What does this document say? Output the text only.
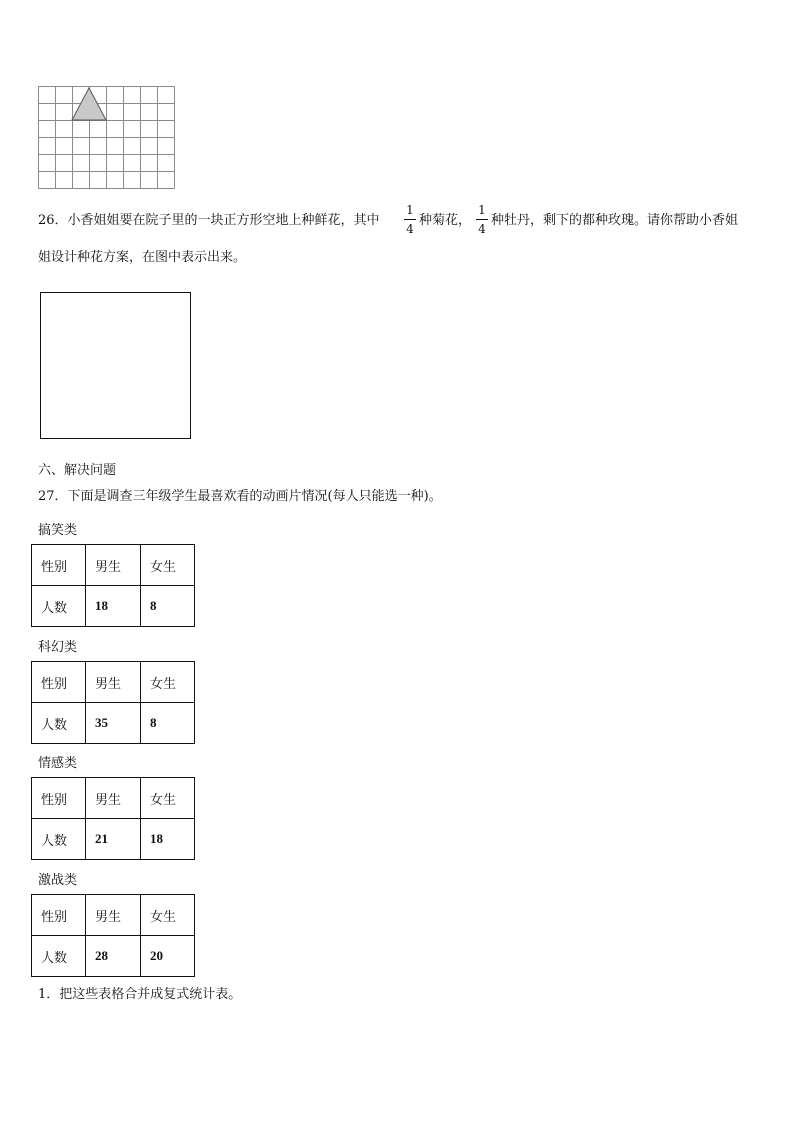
26．小香姐姐要在院子里的一块正方形空地上种鲜花，其中
1
4
种菊花，
1
4
种牡丹，剩下的都种玫瑰。请你帮助小香姐
姐设计种花方案，在图中表示出来。
六、解决问题
27．下面是调查三年级学生最喜欢看的动画片情况(每人只能选一种)。
搞笑类
性别	男生	女生
人数	18	8
科幻类
性别	男生	女生
人数	35	8
情感类
性别	男生	女生
人数	21	18
激战类
性别	男生	女生
人数	28	20
1．把这些表格合并成复式统计表。
